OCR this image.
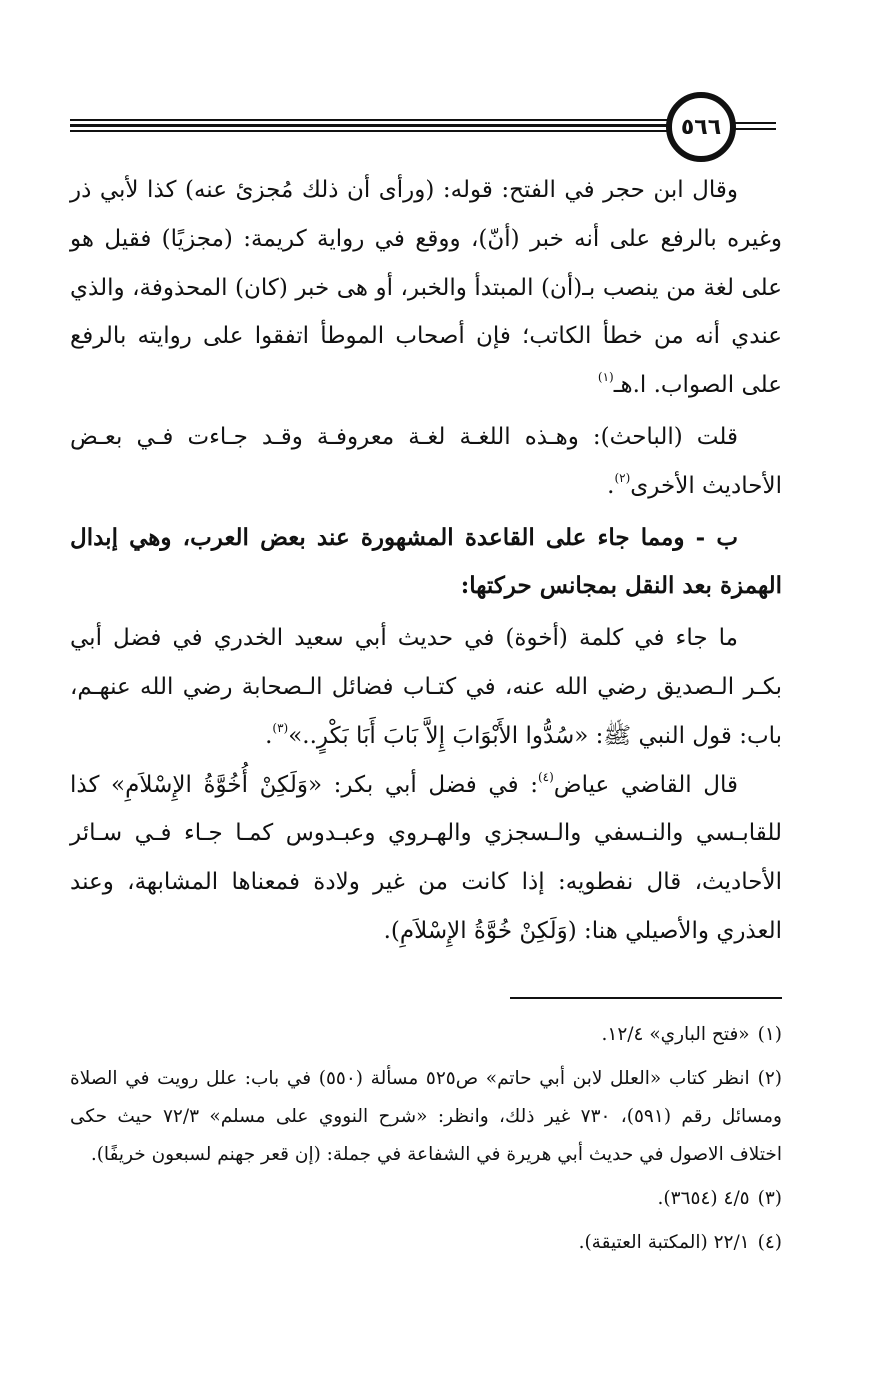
٥٦٦

وقال ابن حجر في الفتح: قوله: (ورأى أن ذلك مُجزئ عنه) كذا لأبي ذر وغيره بالرفع على أنه خبر (أنّ)، ووقع في رواية كريمة: (مجزيًا) فقيل هو على لغة من ينصب بـ(أن) المبتدأ والخبر، أو هى خبر (كان) المحذوفة، والذي عندي أنه من خطأ الكاتب؛ فإن أصحاب الموطأ اتفقوا على روايته بالرفع على الصواب. ا.هـ$^{(١)}$

قلت (الباحث): وهـذه اللغـة لغـة معروفـة وقـد جـاءت فـي بعـض الأحاديث الأخرى$^{(٢)}$.

ب - ومما جاء على القاعدة المشهورة عند بعض العرب، وهي إبدال الهمزة بعد النقل بمجانس حركتها:

ما جاء في كلمة (أخوة) في حديث أبي سعيد الخدري في فضل أبي بكـر الـصديق رضي الله عنه، في كتـاب فضائل الـصحابة رضي الله عنهـم، باب: قول النبي ﷺ: «سُدُّوا الأَبْوَابَ إِلاَّ بَابَ أَبَا بَكْرٍ..»$^{(٣)}$.

قال القاضي عياض$^{(٤)}$: في فضل أبي بكر: «وَلَكِنْ أُخُوَّةُ الإِسْلاَمِ» كذا للقابـسي والنـسفي والـسجزي والهـروي وعبـدوس كمـا جـاء فـي سـائر الأحاديث، قال نفطويه: إذا كانت من غير ولادة فمعناها المشابهة، وعند العذري والأصيلي هنا: (وَلَكِنْ خُوَّةُ الإِسْلاَمِ).

(١)«فتح الباري» ١٢/٤.

(٢)انظر كتاب «العلل لابن أبي حاتم» ص٥٢٥ مسألة (٥٥٠) في باب: علل رويت في الصلاة ومسائل رقم (٥٩١)، ٧٣٠ غير ذلك، وانظر: «شرح النووي على مسلم» ٧٢/٣ حيث حكى اختلاف الاصول في حديث أبي هريرة في الشفاعة في جملة: (إن قعر جهنم لسبعون خريفًا).

(٣)٤/٥ (٣٦٥٤).

(٤)٢٢/١ (المكتبة العتيقة).
